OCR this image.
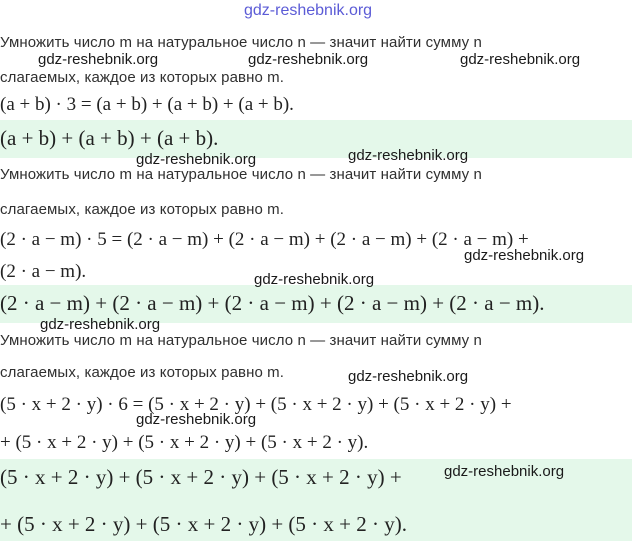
gdz-reshebnik.org
Умножить число m на натуральное число n — значит найти сумму n
слагаемых, каждое из которых равно m.
(a + b) · 3 = (a + b) + (a + b) + (a + b).
(a + b) + (a + b) + (a + b).
Умножить число m на натуральное число n — значит найти сумму n
слагаемых, каждое из которых равно m.
(2 · a − m) · 5 = (2 · a − m) + (2 · a − m) + (2 · a − m) + (2 · a − m) +
(2 · a − m).
(2 · a − m) + (2 · a − m) + (2 · a − m) + (2 · a − m) + (2 · a − m).
Умножить число m на натуральное число n — значит найти сумму n
слагаемых, каждое из которых равно m.
(5 · x + 2 · y) · 6 = (5 · x + 2 · y) + (5 · x + 2 · y) + (5 · x + 2 · y) +
+ (5 · x + 2 · y) + (5 · x + 2 · y) + (5 · x + 2 · y).
(5 · x + 2 · y) + (5 · x + 2 · y) + (5 · x + 2 · y) +
+ (5 · x + 2 · y) + (5 · x + 2 · y) + (5 · x + 2 · y).
gdz-reshebnik.org	gdz-reshebnik.org	gdz-reshebnik.org
gdz-reshebnik.org	gdz-reshebnik.org
gdz-reshebnik.org
gdz-reshebnik.org
gdz-reshebnik.org
gdz-reshebnik.org
gdz-reshebnik.org
gdz-reshebnik.org
